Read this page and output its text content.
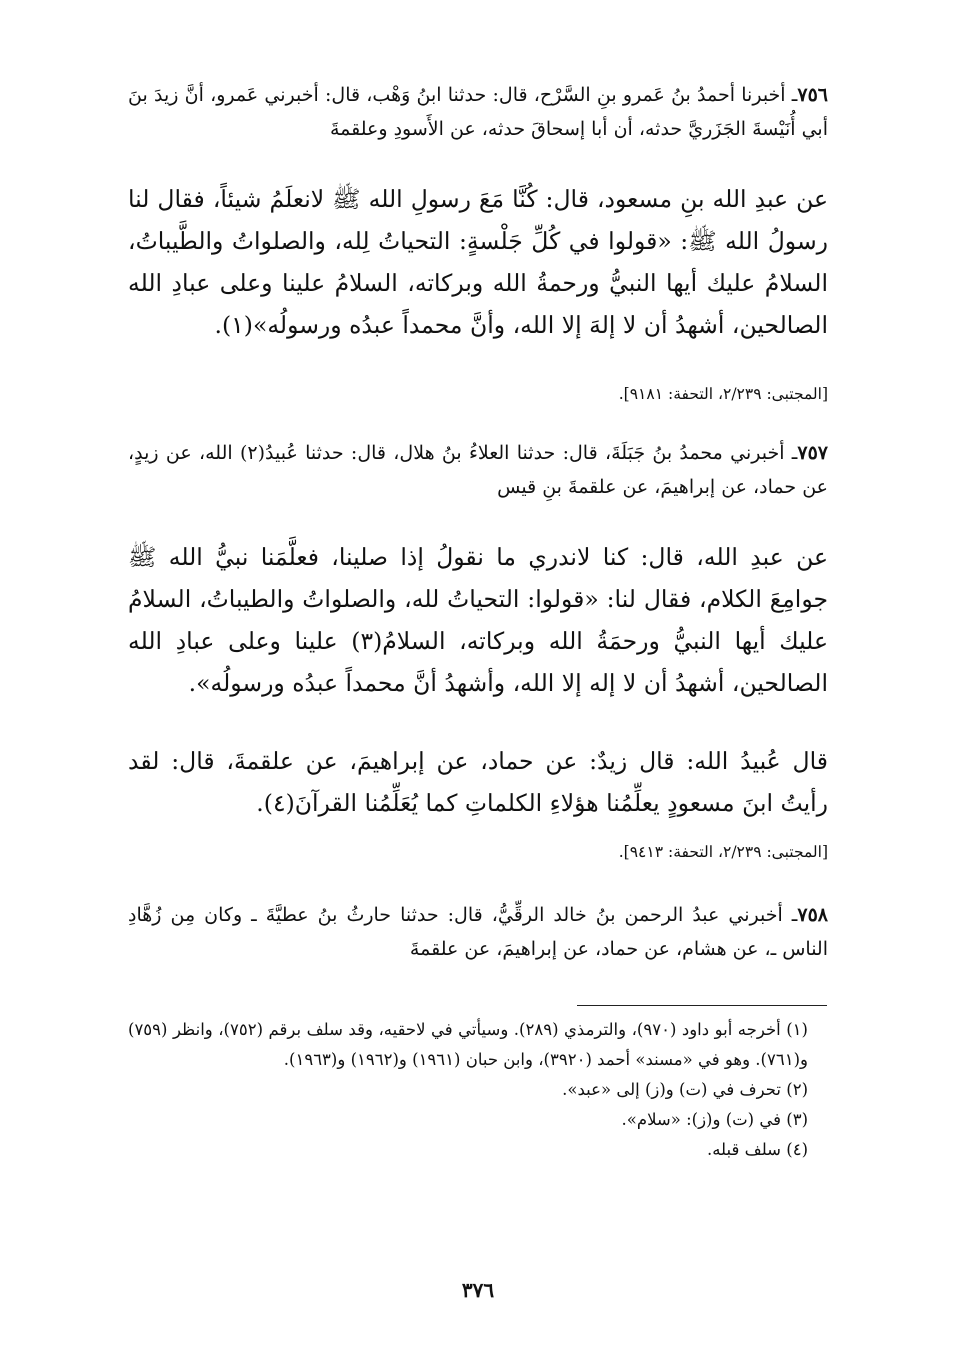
٧٥٦ـ أخبرنا أحمدُ بنُ عَمرو بنِ السَّرْح، قال: حدثنا ابنُ وَهْب، قال: أخبرني عَمرو، أنَّ زيدَ بنَ أبي أُنَيْسةَ الجَزَريَّ حدثه، أن أبا إسحاقَ حدثه، عن الأَسودِ وعلقمةَ
عن عبدِ الله بنِ مسعود، قال: كُنَّا مَعَ رسولِ الله ﷺ لانعلَمُ شيئاً، فقال لنا رسولُ الله ﷺ: «قولوا في كُلِّ جَلْسةٍ: التحياتُ لِله، والصلواتُ والطَّيباتُ، السلامُ عليك أيها النبيُّ ورحمةُ الله وبركاته، السلامُ علينا وعلى عبادِ الله الصالحين، أشهدُ أن لا إلهَ إلا الله، وأنَّ محمداً عبدُه ورسولُه»(١).
[المجتبى: ٢/٢٣٩، التحفة: ٩١٨١].
٧٥٧ـ أخبرني محمدُ بنُ جَبَلَةَ، قال: حدثنا العلاءُ بنُ هلال، قال: حدثنا عُبيدُ(٢) الله، عن زيدٍ، عن حماد، عن إبراهيمَ، عن علقمةَ بنِ قيس
عن عبدِ الله، قال: كنا لاندري ما نقولُ إذا صلينا، فعلَّمَنا نبيُّ الله ﷺ جوامِعَ الكلام، فقال لنا: «قولوا: التحياتُ لله، والصلواتُ والطيباتُ، السلامُ عليك أيها النبيُّ ورحمَةُ الله وبركاته، السلامُ(٣) علينا وعلى عبادِ الله الصالحين، أشهدُ أن لا إله إلا الله، وأشهدُ أنَّ محمداً عبدُه ورسولُه».
قال عُبيدُ الله: قال زيدٌ: عن حماد، عن إبراهيمَ، عن علقمةَ، قال: لقد رأيتُ ابنَ مسعودٍ يعلِّمُنا هؤلاءِ الكلماتِ كما يُعَلِّمُنا القرآنَ(٤).
[المجتبى: ٢/٢٣٩، التحفة: ٩٤١٣].
٧٥٨ـ أخبرني عبدُ الرحمن بنُ خالد الرقِّيُّ، قال: حدثنا حارثُ بنُ عطيَّةَ ـ وكان مِن زُهَّادِ الناس ـ، عن هشام، عن حماد، عن إبراهيمَ، عن علقمةَ
(١) أخرجه أبو داود (٩٧٠)، والترمذي (٢٨٩). وسيأتي في لاحقيه، وقد سلف برقم (٧٥٢)، وانظر (٧٥٩) و(٧٦١). وهو في «مسند» أحمد (٣٩٢٠)، وابن حبان (١٩٦١) و(١٩٦٢) و(١٩٦٣).
(٢) تحرف في (ت) و(ز) إلى «عبد».
(٣) في (ت) و(ز): «سلام».
(٤) سلف قبله.
٣٧٦
